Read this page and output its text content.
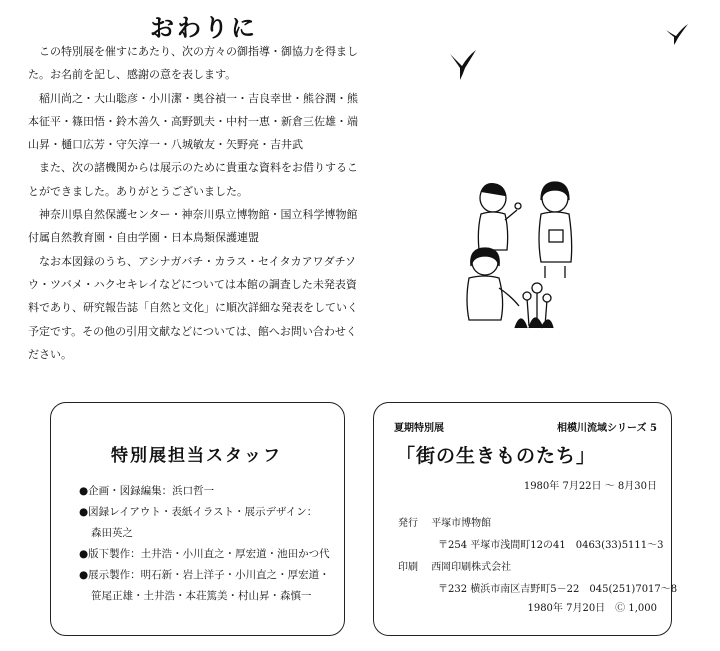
おわりに

この特別展を催すにあたり、次の方々の御指導・御協力を得ました。お名前を記し、感謝の意を表します。

稲川尚之・大山聡彦・小川潔・奥谷禎一・吉良幸世・熊谷潤・熊本征平・篠田悟・鈴木善久・高野凱夫・中村一恵・新倉三佐雄・端山昇・樋口広芳・守矢淳一・八城敏友・矢野亮・吉井武

また、次の諸機関からは展示のために貴重な資料をお借りすることができました。ありがとうございました。

神奈川県自然保護センター・神奈川県立博物館・国立科学博物館付属自然教育園・自由学園・日本鳥類保護連盟

なお本図録のうち、アシナガバチ・カラス・セイタカアワダチソウ・ツバメ・ハクセキレイなどについては本館の調査した未発表資料であり、研究報告誌「自然と文化」に順次詳細な発表をしていく予定です。その他の引用文献などについては、館へお問い合わせください。

特別展担当スタッフ
●企画・図録編集：浜口哲一
●図録レイアウト・表紙イラスト・展示デザイン：
森田英之
●版下製作：土井浩・小川直之・厚宏道・池田かつ代
●展示製作：明石新・岩上洋子・小川直之・厚宏道・
笹尾正雄・土井浩・本荘篤美・村山昇・森慎一
夏期特別展	相模川流域シリーズ 5
「街の生きものたち」
1980年 7月22日 ～ 8月30日
発行 平塚市博物館
〒254 平塚市浅間町12の41　0463(33)5111～3
印刷 西岡印刷株式会社
〒232 横浜市南区吉野町5－22　045(251)7017～8
1980年 7月20日　Ⓒ 1,000
